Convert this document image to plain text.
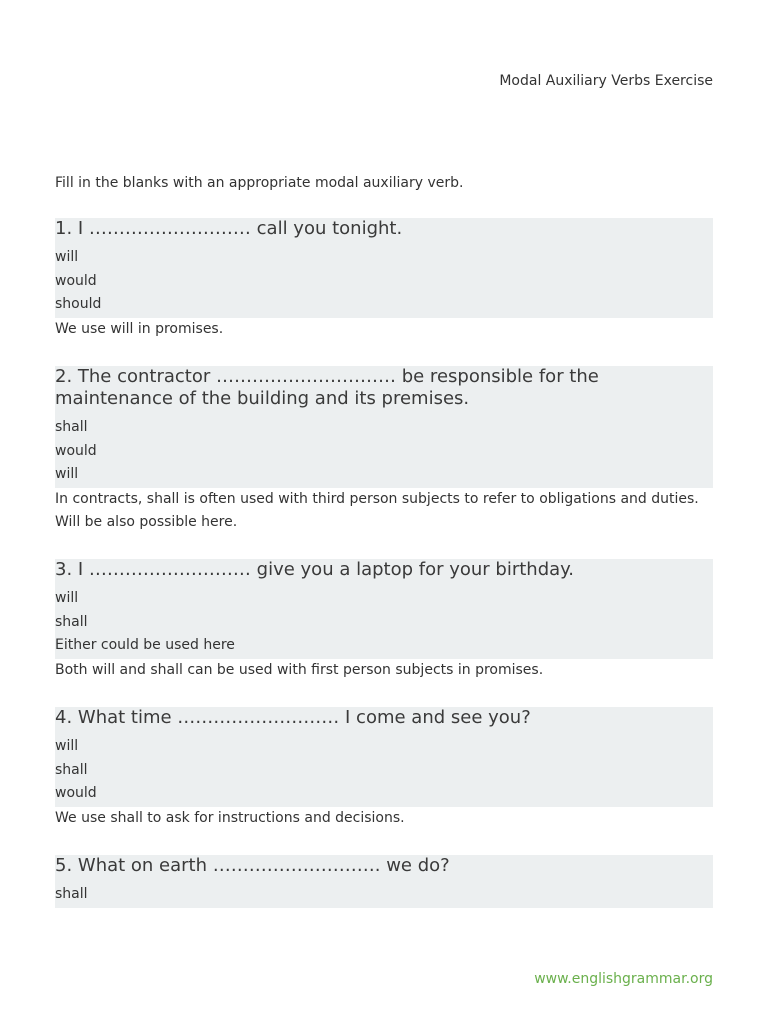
Modal Auxiliary Verbs Exercise
Fill in the blanks with an appropriate modal auxiliary verb.
1. I ……………………… call you tonight.
will
would
should
We use will in promises.
2. The contractor ………………………… be responsible for the maintenance of the building and its premises.
shall
would
will
In contracts, shall is often used with third person subjects to refer to obligations and duties.
Will be also possible here.
3. I ……………………… give you a laptop for your birthday.
will
shall
Either could be used here
Both will and shall can be used with first person subjects in promises.
4. What time ……………………… I come and see you?
will
shall
would
We use shall to ask for instructions and decisions.
5. What on earth ………………………. we do?
shall
www.englishgrammar.org
